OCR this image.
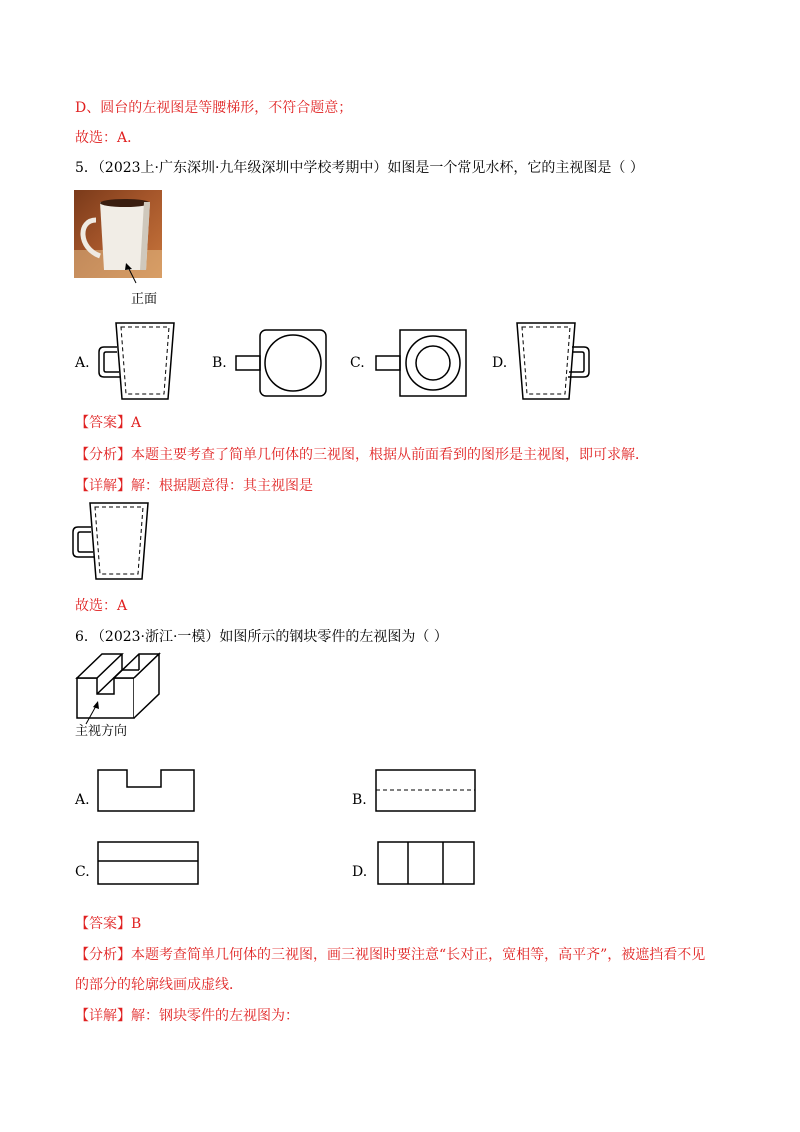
D、圆台的左视图是等腰梯形，不符合题意；
故选：A．
5．（2023上·广东深圳·九年级深圳中学校考期中）如图是一个常见水杯，它的主视图是（ ）
正面
A.	B.	C.	D.
【答案】A
【分析】本题主要考查了简单几何体的三视图，根据从前面看到的图形是主视图，即可求解．
【详解】解：根据题意得：其主视图是
故选：A
6．（2023·浙江·一模）如图所示的钢块零件的左视图为（ ）
主视方向
A.	B.
C.	D.
【答案】B
【分析】本题考查简单几何体的三视图，画三视图时要注意“长对正，宽相等，高平齐”，被遮挡看不见
的部分的轮廓线画成虚线．
【详解】解：钢块零件的左视图为：
